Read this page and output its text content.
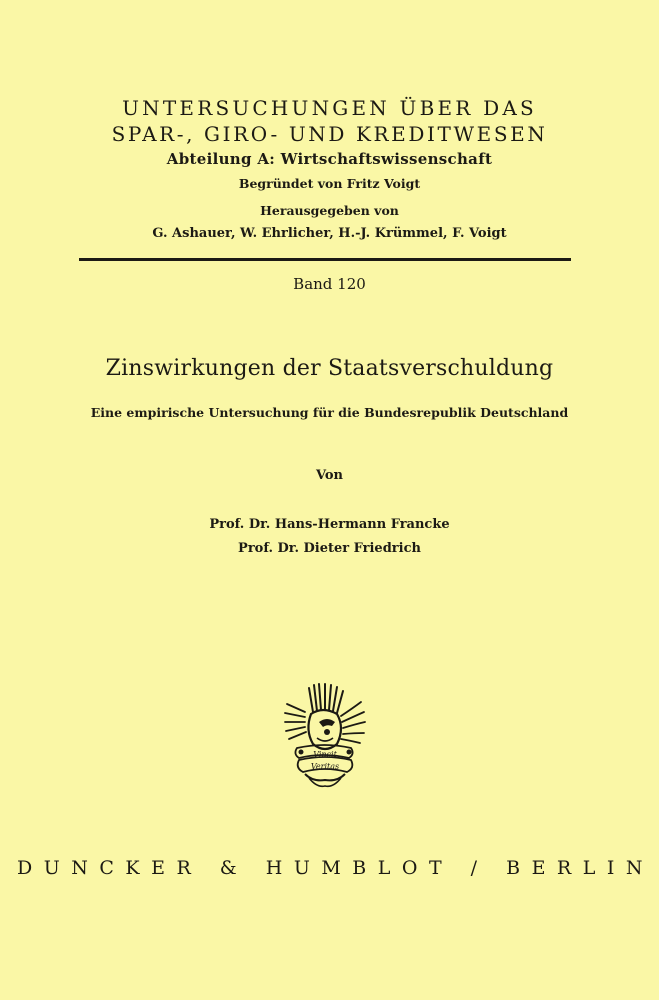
UNTERSUCHUNGEN ÜBER DAS
SPAR-, GIRO- UND KREDITWESEN
Abteilung A: Wirtschaftswissenschaft
Begründet von Fritz Voigt
Herausgegeben von
G. Ashauer, W. Ehrlicher, H.-J. Krümmel, F. Voigt
Band 120
Zinswirkungen der Staatsverschuldung
Eine empirische Untersuchung für die Bundesrepublik Deutschland
Von
Prof. Dr. Hans-Hermann Francke
Prof. Dr. Dieter Friedrich
Vincit
Veritas
DUNCKER & HUMBLOT / BERLIN
